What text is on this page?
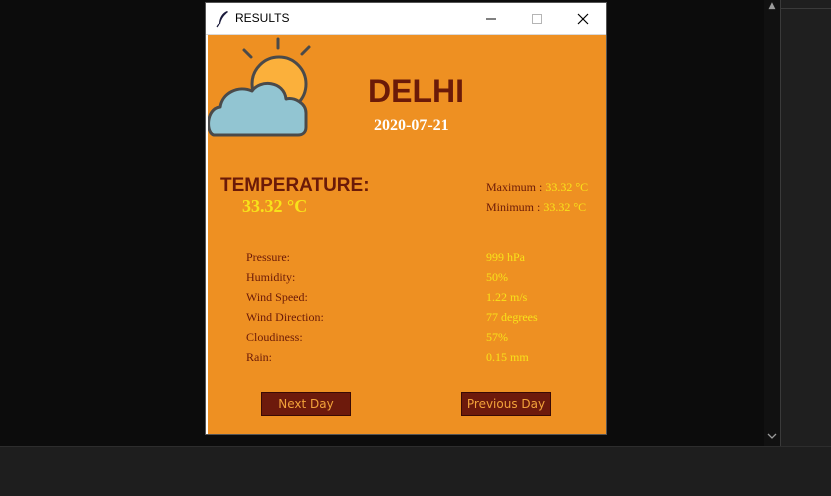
▲
RESULTS
DELHI
2020-07-21
TEMPERATURE:
33.32 °C
Maximum : 33.32 °C
Minimum : 33.32 °C
Pressure:	999 hPa
Humidity:	50%
Wind Speed:	1.22 m/s
Wind Direction:	77 degrees
Cloudiness:	57%
Rain:	0.15 mm
Next Day	Previous Day
